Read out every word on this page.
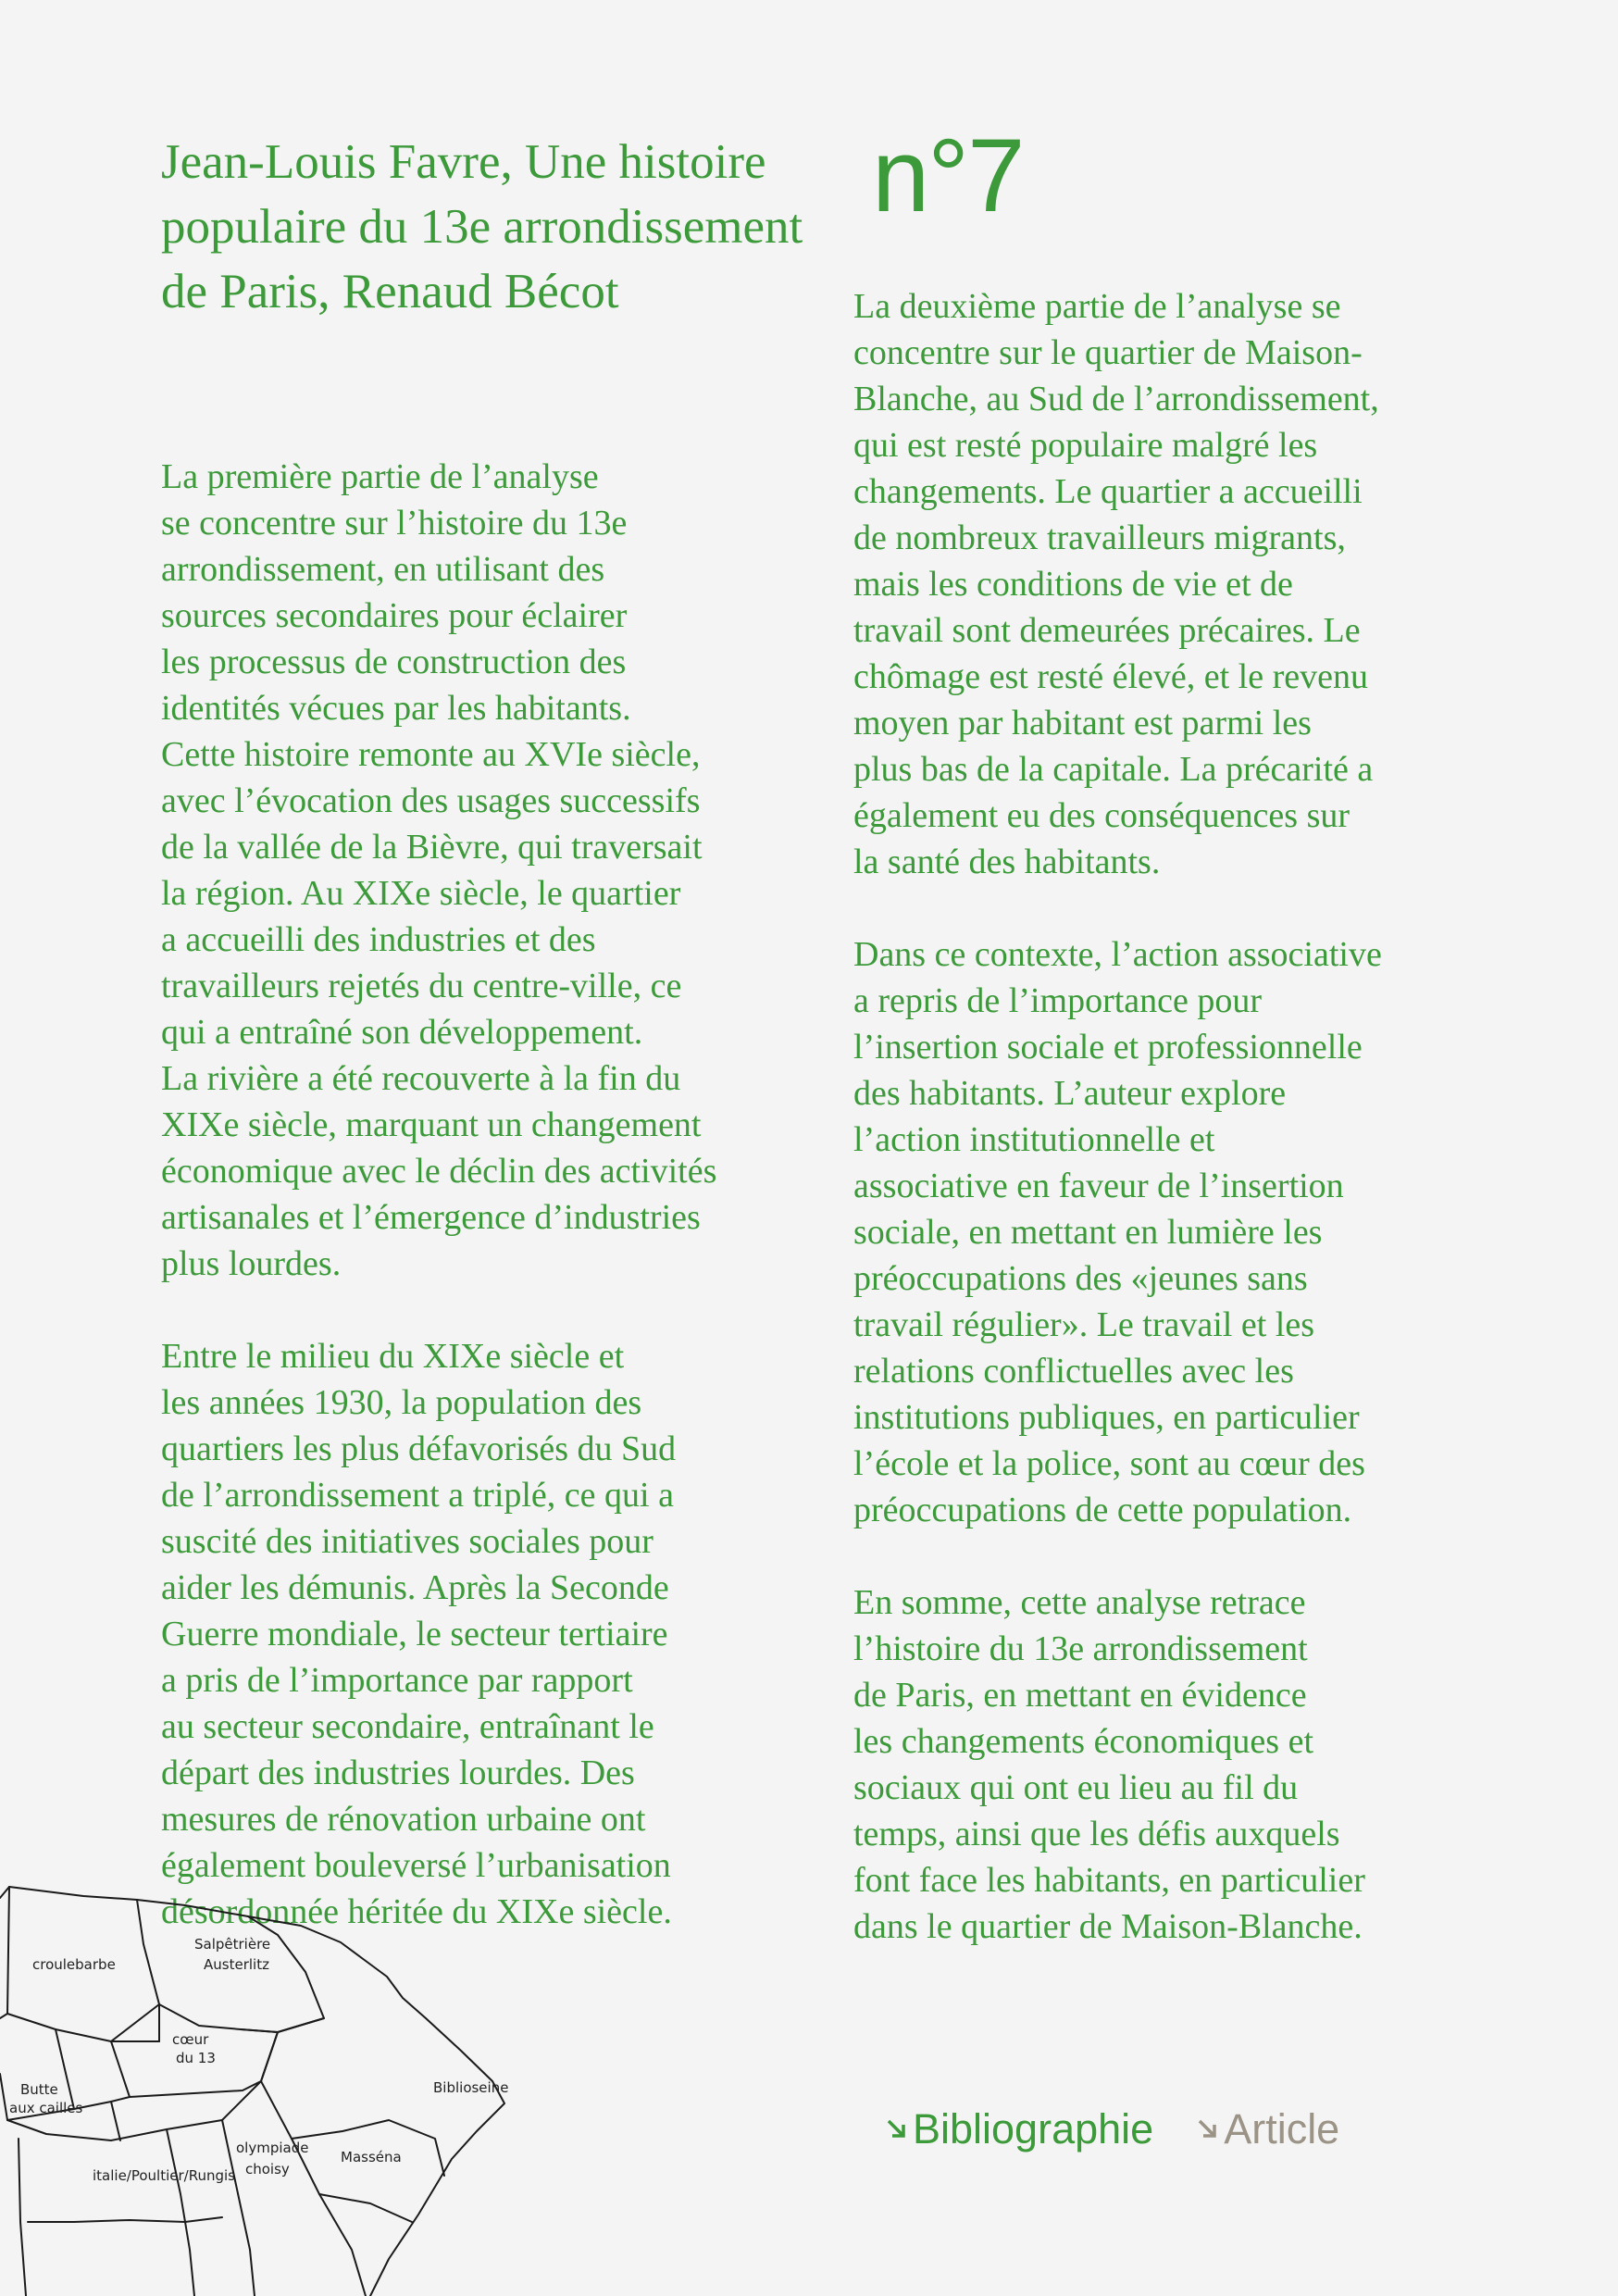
Jean-Louis Favre, Une histoire populaire du 13e arrondissement de Paris, Renaud Bécot
n°7

La première partie de l’analyse
se concentre sur l’histoire du 13e
arrondissement, en utilisant des
sources secondaires pour éclairer
les processus de construction des
identités vécues par les habitants.
Cette histoire remonte au XVIe siècle,
avec l’évocation des usages successifs
de la vallée de la Bièvre, qui traversait
la région. Au XIXe siècle, le quartier
a accueilli des industries et des
travailleurs rejetés du centre-ville, ce
qui a entraîné son développement.
La rivière a été recouverte à la fin du
XIXe siècle, marquant un changement
économique avec le déclin des activités
artisanales et l’émergence d’industries
plus lourdes.

Entre le milieu du XIXe siècle et
les années 1930, la population des
quartiers les plus défavorisés du Sud
de l’arrondissement a triplé, ce qui a
suscité des initiatives sociales pour
aider les démunis. Après la Seconde
Guerre mondiale, le secteur tertiaire
a pris de l’importance par rapport
au secteur secondaire, entraînant le
départ des industries lourdes. Des
mesures de rénovation urbaine ont
également bouleversé l’urbanisation
désordonnée héritée du XIXe siècle.

La deuxième partie de l’analyse se
concentre sur le quartier de Maison-
Blanche, au Sud de l’arrondissement,
qui est resté populaire malgré les
changements. Le quartier a accueilli
de nombreux travailleurs migrants,
mais les conditions de vie et de
travail sont demeurées précaires. Le
chômage est resté élevé, et le revenu
moyen par habitant est parmi les
plus bas de la capitale. La précarité a
également eu des conséquences sur
la santé des habitants.

Dans ce contexte, l’action associative
a repris de l’importance pour
l’insertion sociale et professionnelle
des habitants. L’auteur explore
l’action institutionnelle et
associative en faveur de l’insertion
sociale, en mettant en lumière les
préoccupations des «jeunes sans
travail régulier». Le travail et les
relations conflictuelles avec les
institutions publiques, en particulier
l’école et la police, sont au cœur des
préoccupations de cette population.

En somme, cette analyse retrace
l’histoire du 13e arrondissement
de Paris, en mettant en évidence
les changements économiques et
sociaux qui ont eu lieu au fil du
temps, ainsi que les défis auxquels
font face les habitants, en particulier
dans le quartier de Maison-Blanche.

croulebarbe
Salpêtrière
Austerlitz
cœur
du 13
Butte
aux cailles
Biblioseine
olympiade
choisy
Masséna
italie/Poultier/Rungis
Bibliographie Article
